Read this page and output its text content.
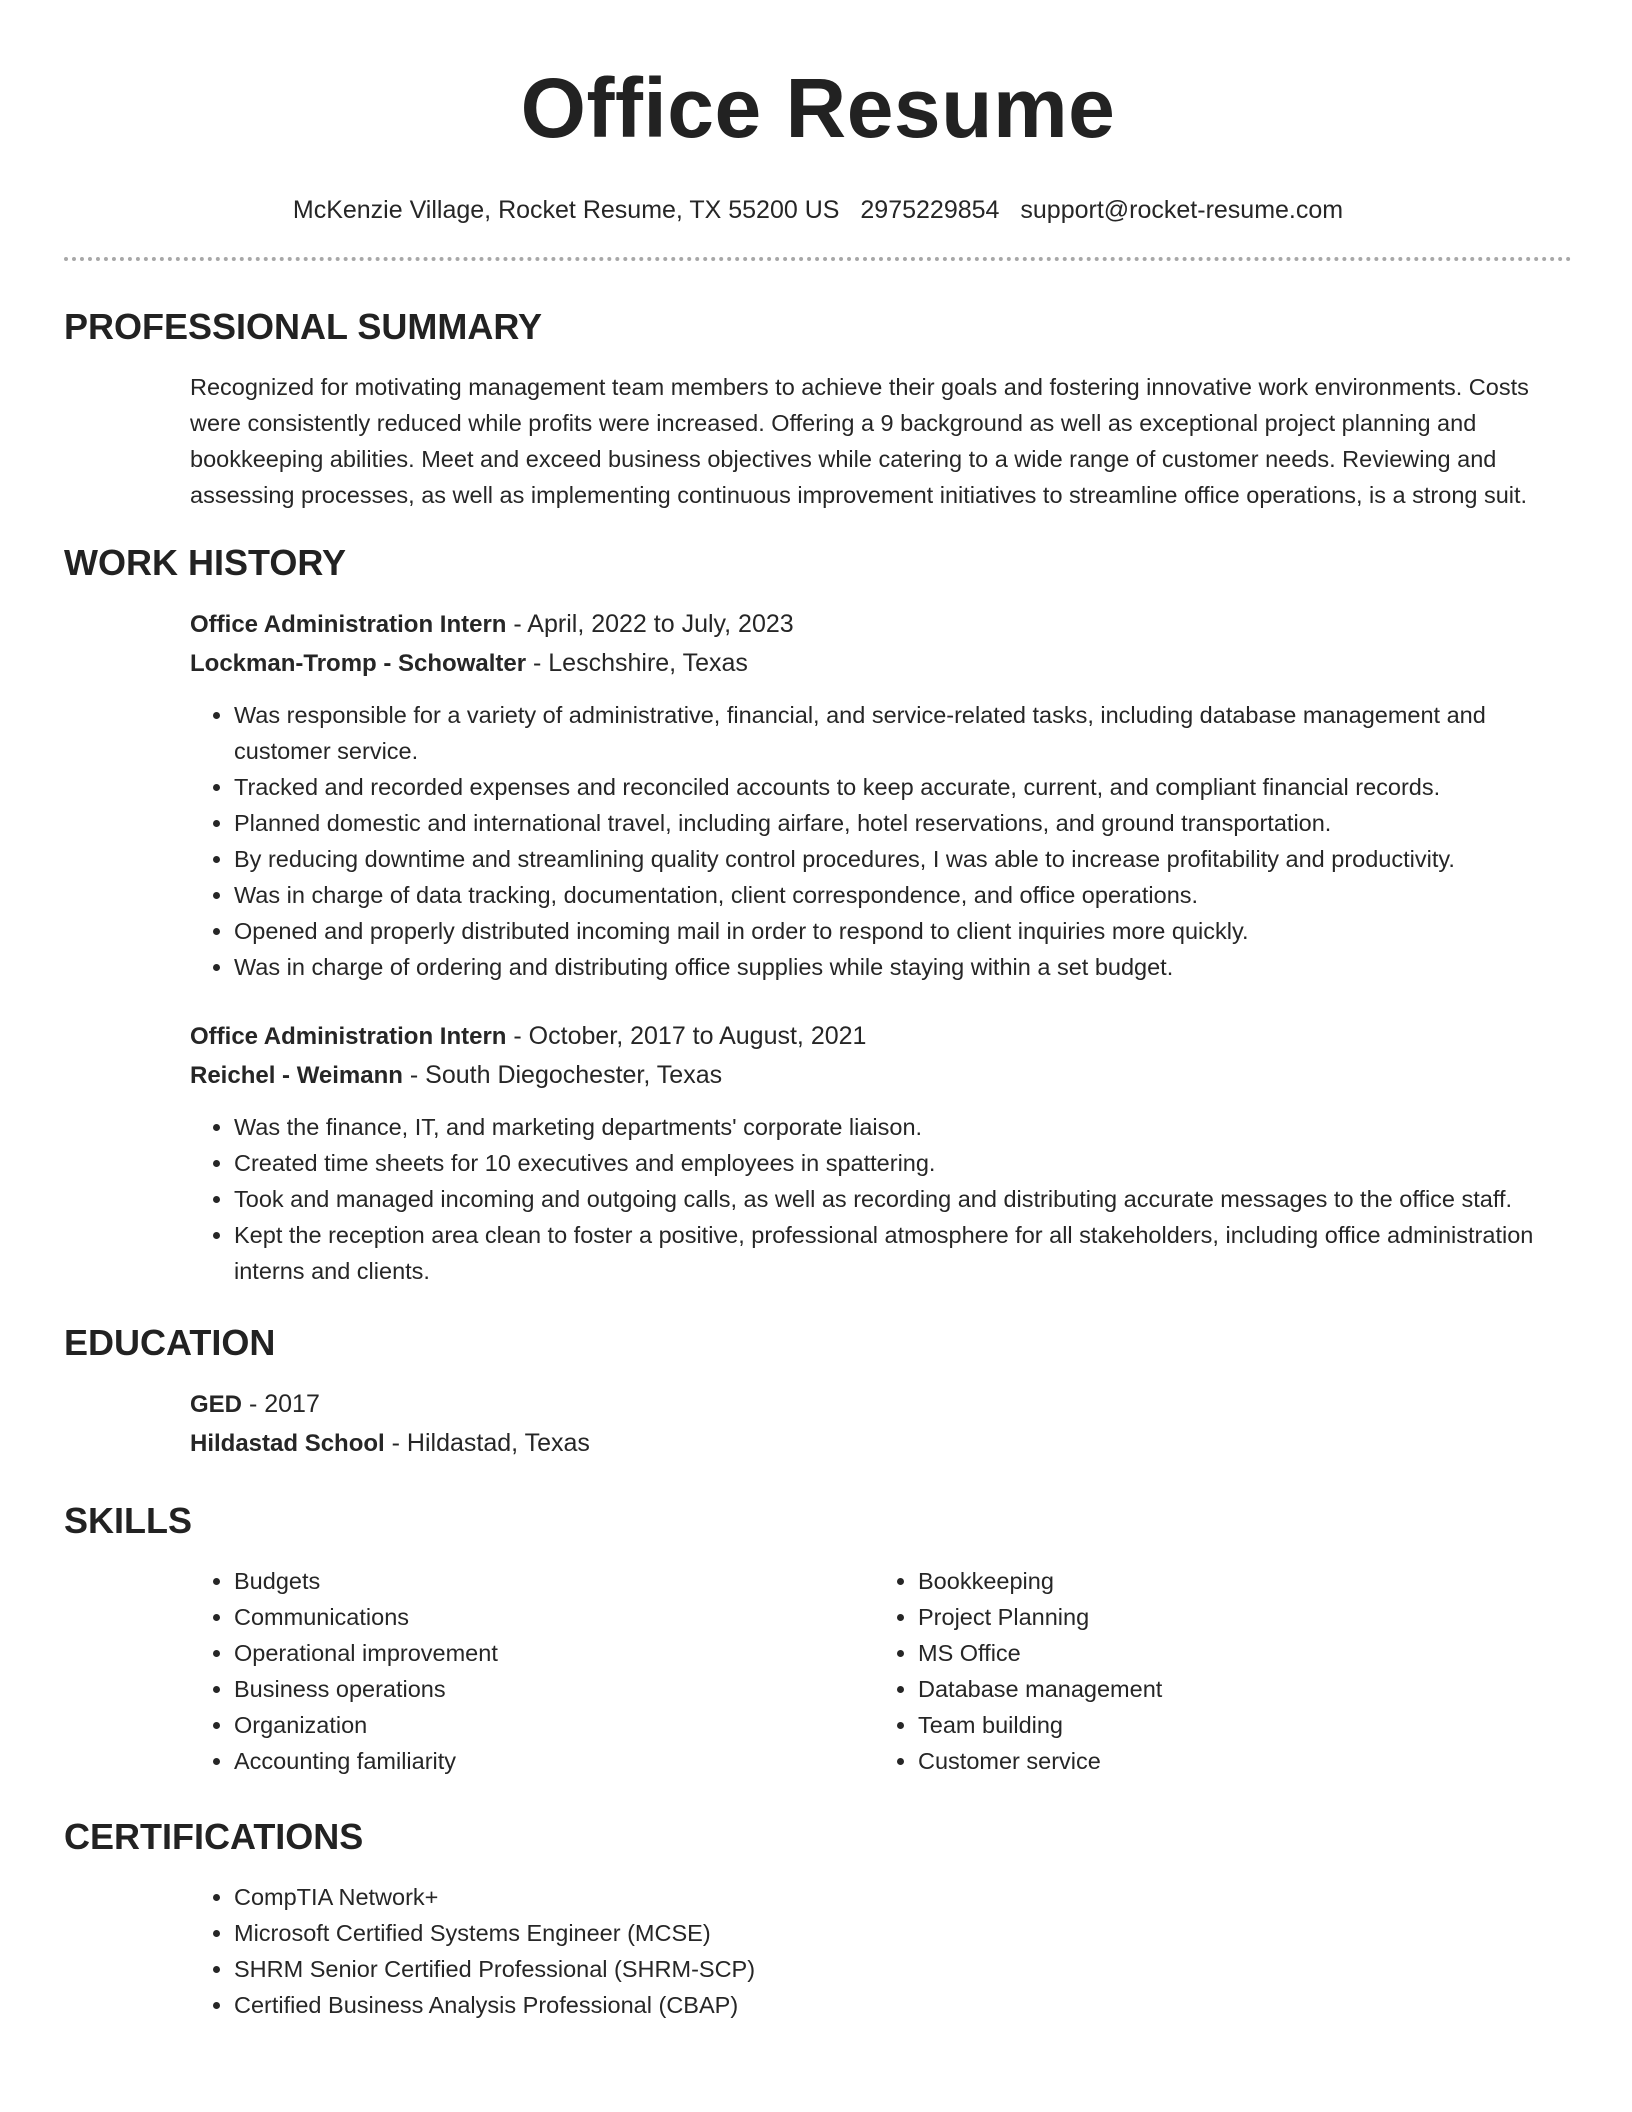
Office Resume
McKenzie Village, Rocket Resume, TX 55200 US 2975229854 support@rocket-resume.com
PROFESSIONAL SUMMARY

Recognized for motivating management team members to achieve their goals and fostering innovative work environments. Costs were consistently reduced while profits were increased. Offering a 9 background as well as exceptional project planning and bookkeeping abilities. Meet and exceed business objectives while catering to a wide range of customer needs. Reviewing and assessing processes, as well as implementing continuous improvement initiatives to streamline office operations, is a strong suit.

WORK HISTORY

Office Administration Intern - April, 2022 to July, 2023

Lockman-Tromp - Schowalter - Leschshire, Texas

• Was responsible for a variety of administrative, financial, and service-related tasks, including database management and customer service.
• Tracked and recorded expenses and reconciled accounts to keep accurate, current, and compliant financial records.
• Planned domestic and international travel, including airfare, hotel reservations, and ground transportation.
• By reducing downtime and streamlining quality control procedures, I was able to increase profitability and productivity.
• Was in charge of data tracking, documentation, client correspondence, and office operations.
• Opened and properly distributed incoming mail in order to respond to client inquiries more quickly.
• Was in charge of ordering and distributing office supplies while staying within a set budget.

Office Administration Intern - October, 2017 to August, 2021

Reichel - Weimann - South Diegochester, Texas

• Was the finance, IT, and marketing departments' corporate liaison.
• Created time sheets for 10 executives and employees in spattering.
• Took and managed incoming and outgoing calls, as well as recording and distributing accurate messages to the office staff.
• Kept the reception area clean to foster a positive, professional atmosphere for all stakeholders, including office administration interns and clients.
EDUCATION

GED - 2017

Hildastad School - Hildastad, Texas

SKILLS
• Budgets
• Communications
• Operational improvement
• Business operations
• Organization
• Accounting familiarity
• Bookkeeping
• Project Planning
• MS Office
• Database management
• Team building
• Customer service
CERTIFICATIONS
• CompTIA Network+
• Microsoft Certified Systems Engineer (MCSE)
• SHRM Senior Certified Professional (SHRM-SCP)
• Certified Business Analysis Professional (CBAP)
